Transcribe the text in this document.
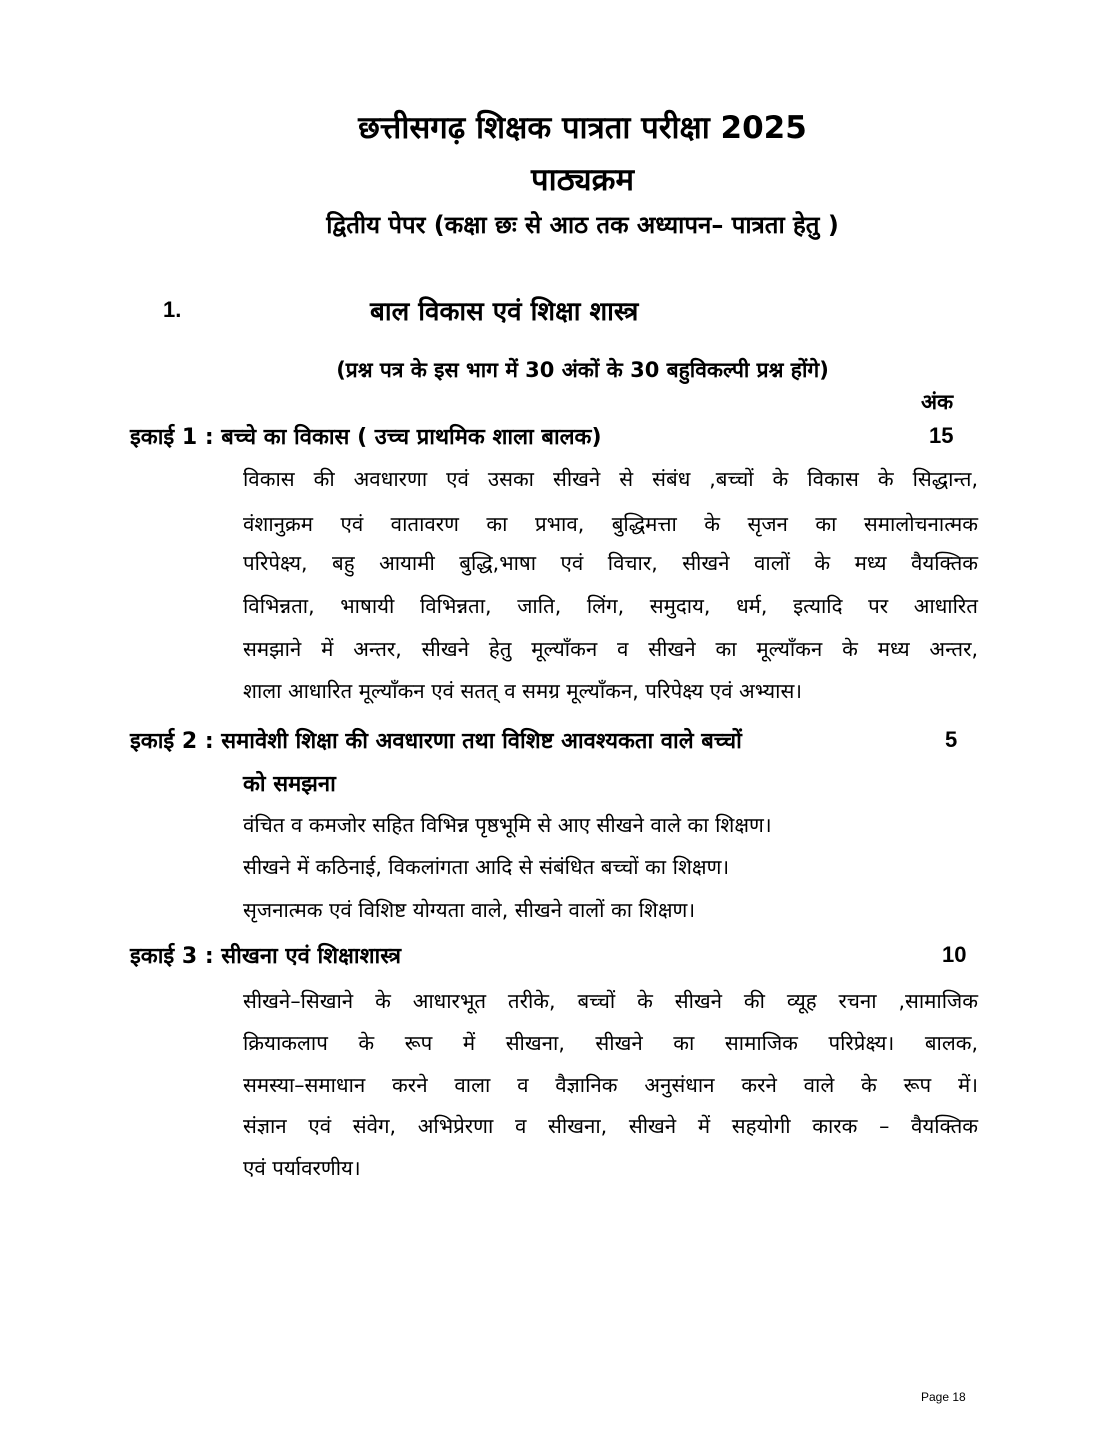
छत्तीसगढ़ शिक्षक पात्रता परीक्षा 2025
पाठ्यक्रम
द्वितीय पेपर (कक्षा छः से आठ तक अध्यापन– पात्रता हेतु )
1.	बाल विकास एवं शिक्षा शास्त्र
(प्रश्न पत्र के इस भाग में 30 अंकों के 30 बहुविकल्पी प्रश्न होंगे)
अंक
इकाई 1 : बच्चे का विकास ( उच्च प्राथमिक शाला बालक)	15
विकास की अवधारणा एवं उसका सीखने से संबंध ,बच्चों के विकास के सिद्धान्त,
वंशानुक्रम एवं वातावरण का प्रभाव, बुद्धिमत्ता के सृजन का समालोचनात्मक
परिपेक्ष्य, बहु आयामी बुद्धि,भाषा एवं विचार, सीखने वालों के मध्य वैयक्तिक
विभिन्नता, भाषायी विभिन्नता, जाति, लिंग, समुदाय, धर्म, इत्यादि पर आधारित
समझाने में अन्तर, सीखने हेतु मूल्याँकन व सीखने का मूल्याँकन के मध्य अन्तर,
शाला आधारित मूल्याँकन एवं सतत् व समग्र मूल्याँकन, परिपेक्ष्य एवं अभ्यास।
इकाई 2 : समावेशी शिक्षा की अवधारणा तथा विशिष्ट आवश्यकता वाले बच्चों	5
को समझना
वंचित व कमजोर सहित विभिन्न पृष्ठभूमि से आए सीखने वाले का शिक्षण।
सीखने में कठिनाई, विकलांगता आदि से संबंधित बच्चों का शिक्षण।
सृजनात्मक एवं विशिष्ट योग्यता वाले, सीखने वालों का शिक्षण।
इकाई 3 : सीखना एवं शिक्षाशास्त्र	10
सीखने–सिखाने के आधारभूत तरीके, बच्चों के सीखने की व्यूह रचना ,सामाजिक
क्रियाकलाप के रूप में सीखना, सीखने का सामाजिक परिप्रेक्ष्य। बालक,
समस्या–समाधान करने वाला व वैज्ञानिक अनुसंधान करने वाले के रूप में।
संज्ञान एवं संवेग, अभिप्रेरणा व सीखना, सीखने में सहयोगी कारक – वैयक्तिक
एवं पर्यावरणीय।
Page 18
